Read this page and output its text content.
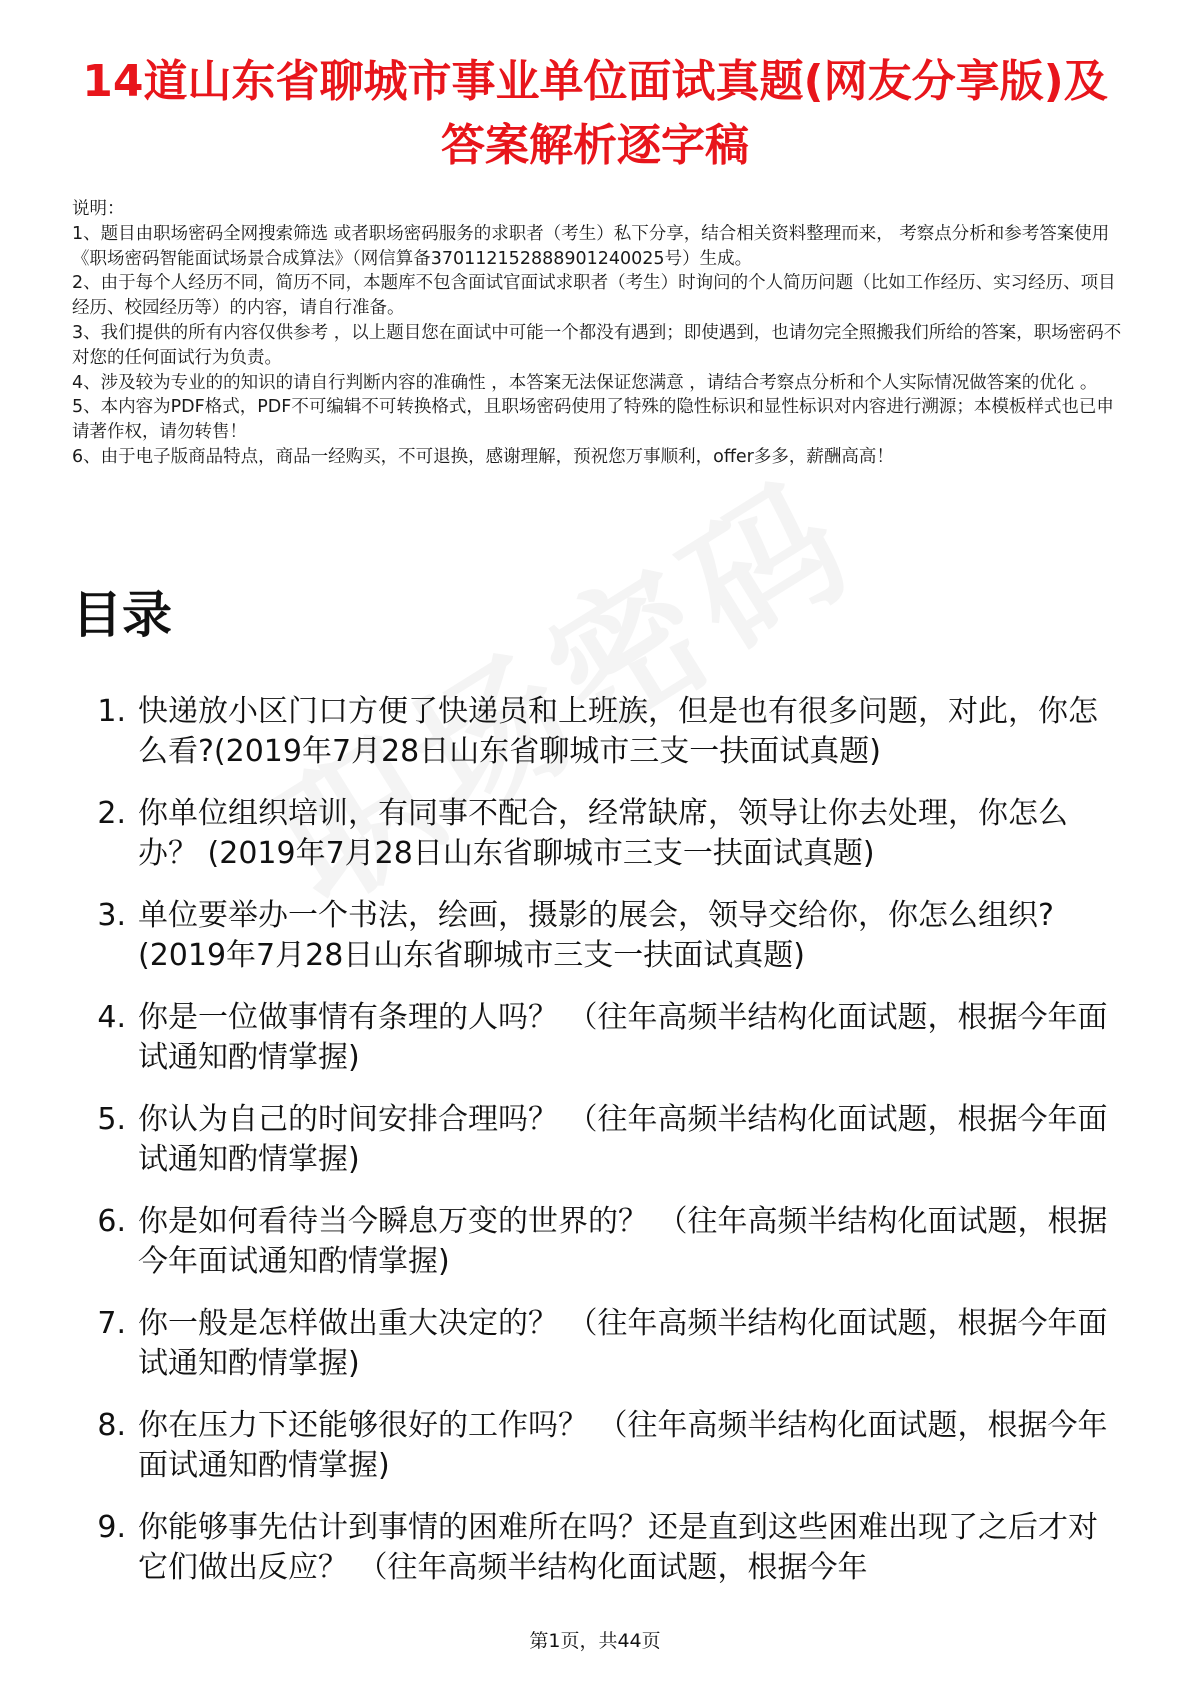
14道山东省聊城市事业单位面试真题(网友分享版)及答案解析逐字稿

说明：

1、题目由职场密码全网搜索筛选 或者职场密码服务的求职者（考生）私下分享，结合相关资料整理而来， 考察点分析和参考答案使用《职场密码智能面试场景合成算法》（网信算备370112152888901240025号）生成。

2、由于每个人经历不同，简历不同，本题库不包含面试官面试求职者（考生）时询问的个人简历问题（比如工作经历、实习经历、项目经历、校园经历等）的内容，请自行准备。

3、我们提供的所有内容仅供参考 ，以上题目您在面试中可能一个都没有遇到；即使遇到，也请勿完全照搬我们所给的答案，职场密码不对您的任何面试行为负责。

4、涉及较为专业的的知识的请自行判断内容的准确性 ，本答案无法保证您满意 ，请结合考察点分析和个人实际情况做答案的优化 。

5、本内容为PDF格式，PDF不可编辑不可转换格式，且职场密码使用了特殊的隐性标识和显性标识对内容进行溯源；本模板样式也已申请著作权，请勿转售！

6、由于电子版商品特点，商品一经购买，不可退换，感谢理解，预祝您万事顺利，offer多多，薪酬高高！

目录
1. 快递放小区门口方便了快递员和上班族，但是也有很多问题，对此，你怎么看?(2019年7月28日山东省聊城市三支一扶面试真题)
2. 你单位组织培训，有同事不配合，经常缺席，领导让你去处理，你怎么办？ (2019年7月28日山东省聊城市三支一扶面试真题)
3. 单位要举办一个书法，绘画，摄影的展会，领导交给你，你怎么组织?(2019年7月28日山东省聊城市三支一扶面试真题)
4. 你是一位做事情有条理的人吗？ （往年高频半结构化面试题，根据今年面试通知酌情掌握)
5. 你认为自己的时间安排合理吗？ （往年高频半结构化面试题，根据今年面试通知酌情掌握)
6. 你是如何看待当今瞬息万变的世界的？ （往年高频半结构化面试题，根据今年面试通知酌情掌握)
7. 你一般是怎样做出重大决定的？ （往年高频半结构化面试题，根据今年面试通知酌情掌握)
8. 你在压力下还能够很好的工作吗？ （往年高频半结构化面试题，根据今年面试通知酌情掌握)
9. 你能够事先估计到事情的困难所在吗？还是直到这些困难出现了之后才对它们做出反应？ （往年高频半结构化面试题，根据今年
第1页，共44页
